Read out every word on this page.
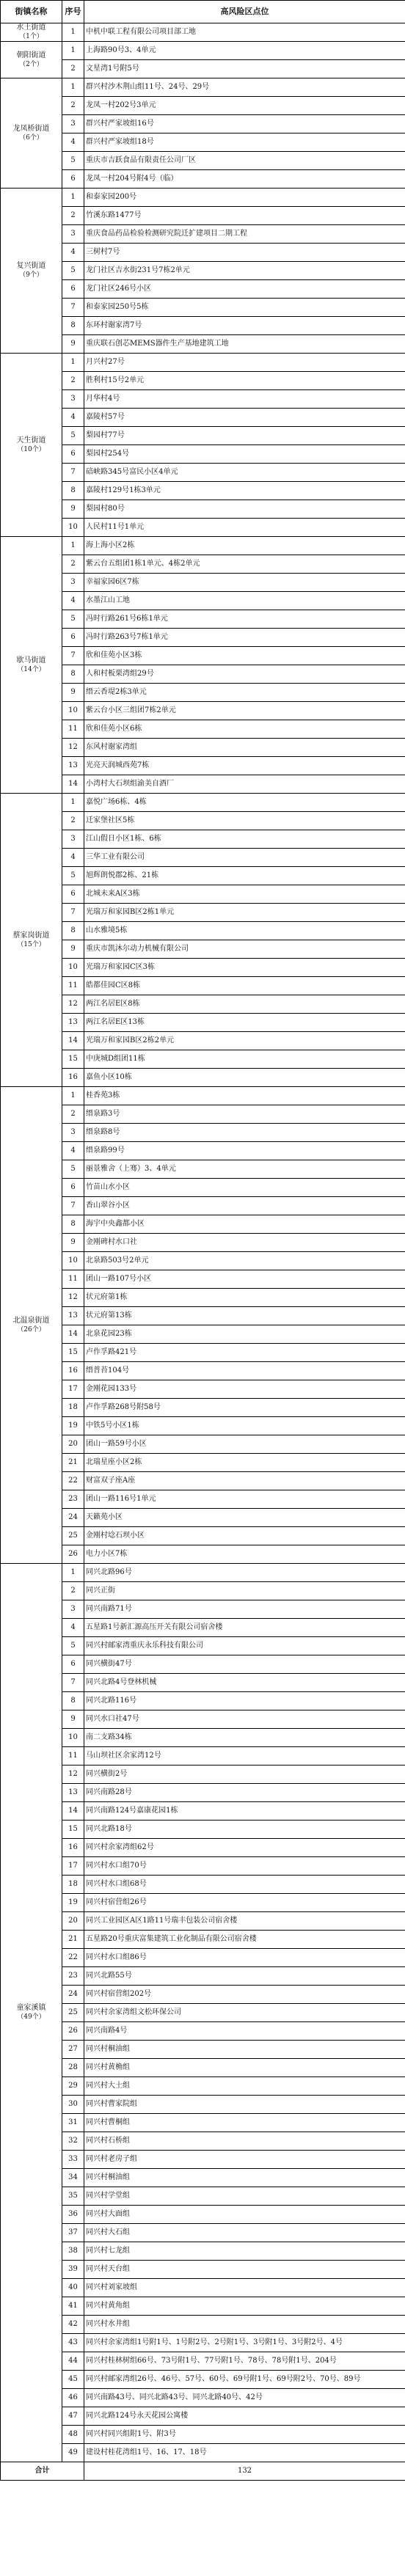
街镇名称	序号	高风险区点位

水土街道
（1个）	1	中机中联工程有限公司项目部工地

朝阳街道
（2个）	1	上海路90号3、4单元
	2	文星湾1号附5号

龙凤桥街道
（6个）	1	群兴村沙木荆山组11号、24号、29号
	2	龙凤一村202号3单元
	3	群兴村严家坡组16号
	4	群兴村严家坡组18号
	5	重庆市吉跃食品有限责任公司厂区
	6	龙凤一村204号附4号（临）

复兴街道
（9个）	1	和泰家园200号
	2	竹溪东路1477号
	3	重庆食品药品检验检测研究院迁扩建项目二期工程
	4	三树村7号
	5	龙门社区吉水街231号7栋2单元
	6	龙门社区246号小区
	7	和泰家园250号5栋
	8	东环村谢家湾7号
	9	重庆联石创芯MEMS器件生产基地建筑工地

天生街道
（10个）	1	月兴村27号
	2	胜利村15号2单元
	3	月华村4号
	4	嘉陵村57号
	5	梨园村77号
	6	梨园村254号
	7	碚峡路345号富民小区4单元
	8	嘉陵村129号1栋3单元
	9	梨园村80号
	10	人民村11号1单元

歇马街道
（14个）	1	海上海小区2栋
	2	紫云台五组团1栋1单元、4栋2单元
	3	幸福家园6区7栋
	4	水墨江山工地
	5	冯时行路261号6栋1单元
	6	冯时行路263号7栋1单元
	7	欣和佳苑小区3栋
	8	人和村板栗湾组29号
	9	缙云香堤2栋3单元
	10	紫云台小区三组团7栋2单元
	11	欣和佳苑小区6栋
	12	东风村谢家湾组
	13	光亮天润城西苑7栋
	14	小湾村大石坝组渝美自酒厂

蔡家岗街道
（15个）	1	嘉悦广场6栋、4栋
	2	迁家堡社区5栋
	3	江山假日小区1栋、6栋
	4	三华工业有限公司
	5	旭辉朗悦郡2栋、21栋
	6	北城未来A区3栋
	7	光瑞万和家园B区2栋1单元
	8	山水雅境5栋
	9	重庆市凯沐尔动力机械有限公司
	10	光瑞万和家园C区3栋
	11	皓都佳园C区8栋
	12	两江名居E区8栋
	13	两江名居E区13栋
	14	光瑞万和家园B区2栋2单元
	15	中庚城D组团11栋
	16	嘉鱼小区10栋

北温泉街道
（26个）	1	桂香苑3栋
	2	缙泉路3号
	3	缙泉路8号
	4	缙泉路99号
	5	丽景雅舍（上骞）3、4单元
	6	竹苗山水小区
	7	香山翠谷小区
	8	海宇中央鑫都小区
	9	金刚碑村水口社
	10	北泉路503号2单元
	11	团山一路107号小区
	12	状元府第1栋
	13	状元府第13栋
	14	北泉花园23栋
	15	卢作孚路421号
	16	缙普苔104号
	17	金刚花园133号
	18	卢作孚路268号附58号
	19	中铁5号小区1栋
	20	团山一路59号小区
	21	北瑞星座小区2栋
	22	财富双子座A座
	23	团山一路116号1单元
	24	天籁苑小区
	25	金刚村埝石坝小区
	26	电力小区7栋

童家溪镇
（49个）	1	同兴北路96号
	2	同兴正街
	3	同兴南路71号
	4	五星路1号新汇源高压开关有限公司宿舍楼
	5	同兴村邮家湾重庆永乐科技有限公司
	6	同兴横街47号
	7	同兴北路4号登林机械
	8	同兴北路116号
	9	同兴水口社47号
	10	南二支路34栋
	11	马山坝社区余家湾12号
	12	同兴横街2号
	13	同兴南路28号
	14	同兴南路124号嘉康花园1栋
	15	同兴北路18号
	16	同兴村余家湾组62号
	17	同兴村水口组70号
	18	同兴村水口组68号
	19	同兴村宿营组26号
	20	同兴工业园区A区1路11号瑞丰包装公司宿舍楼
	21	五星路20号重庆富集建筑工业化制品有限公司宿舍楼
	22	同兴村水口组86号
	23	同兴北路55号
	24	同兴村宿营组202号
	25	同兴村余家湾组文松环保公司
	26	同兴南路4号
	27	同兴村桐油组
	28	同兴村黄桷组
	29	同兴村大土组
	30	同兴村曹家院组
	31	同兴村曹桐组
	32	同兴村石桥组
	33	同兴村老房子组
	34	同兴村桐油组
	35	同兴村学堂组
	36	同兴村大面组
	37	同兴村大石组
	38	同兴村七龙组
	39	同兴村天台组
	40	同兴村刘家坡组
	41	同兴村黄角组
	42	同兴村水井组
	43	同兴村余家湾组1号附1号、1号附2号、2号附1号、3号附1号、3号附2号、4号
	44	同兴村桂林树组66号、73号附1号、77号附1号、78号、78号附1号、204号
	45	同兴村邮家湾组26号、46号、57号、60号、69号附1号、69号附2号、70号、89号
	46	同兴南路43号、同兴北路43号、同兴北路40号、42号
	47	同兴北路124号永天花园公寓楼
	48	同兴村同兴组附1号、附3号
	49	建设村桂花湾组1号、16、17、18号
合计		132
